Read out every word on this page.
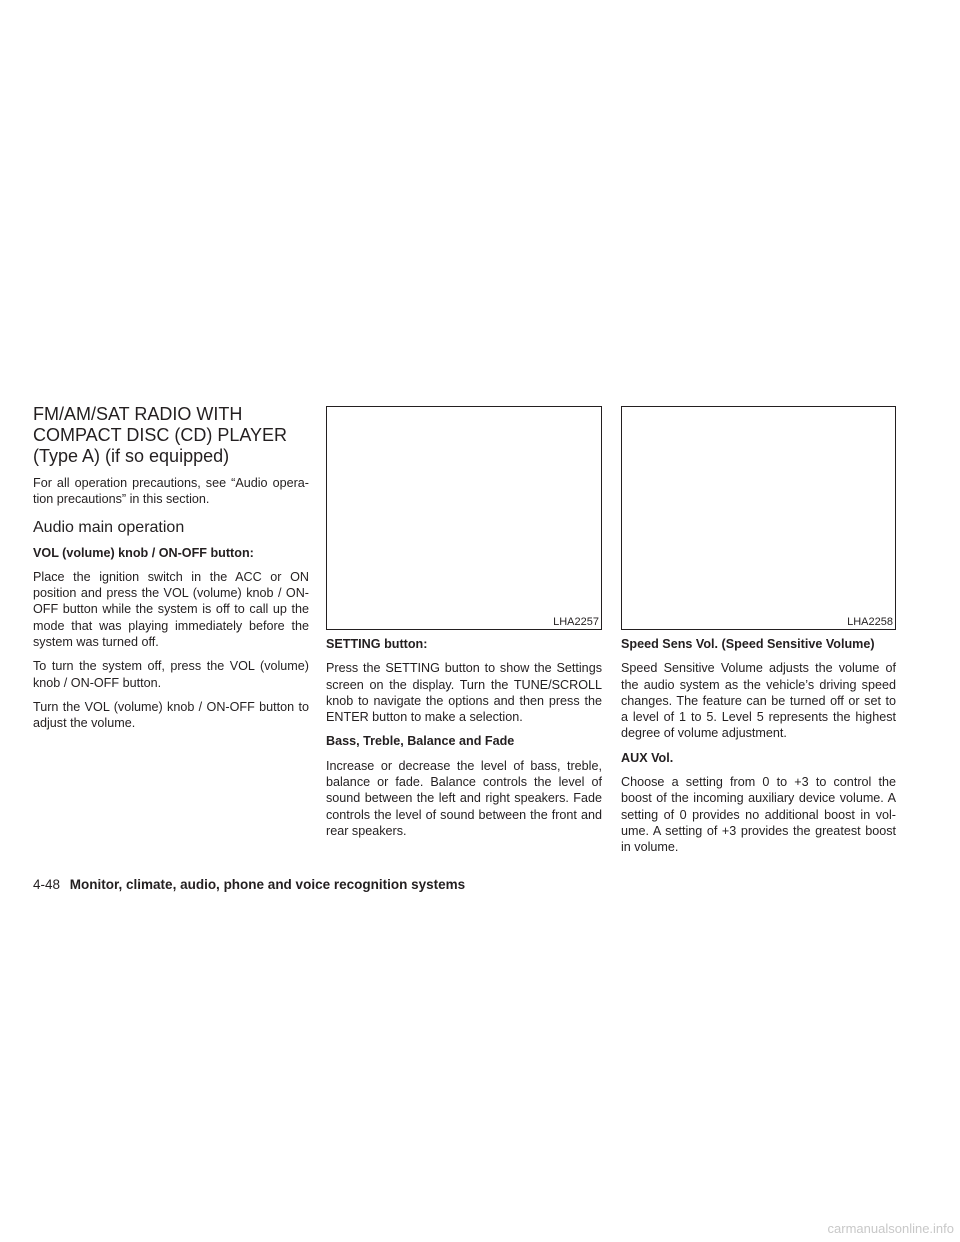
FM/AM/SAT RADIO WITH COMPACT DISC (CD) PLAYER (Type A) (if so equipped)

For all operation precautions, see “Audio opera-tion precautions” in this section.

Audio main operation

VOL (volume) knob / ON-OFF button:

Place the ignition switch in the ACC or ON position and press the VOL (volume) knob / ON-OFF button while the system is off to call up the mode that was playing immediately before the system was turned off.

To turn the system off, press the VOL (volume) knob / ON-OFF button.

Turn the VOL (volume) knob / ON-OFF button to adjust the volume.

LHA2257

SETTING button:

Press the SETTING button to show the Settings screen on the display. Turn the TUNE/SCROLL knob to navigate the options and then press the ENTER button to make a selection.

Bass, Treble, Balance and Fade

Increase or decrease the level of bass, treble, balance or fade. Balance controls the level of sound between the left and right speakers. Fade controls the level of sound between the front and rear speakers.

LHA2258

Speed Sens Vol. (Speed Sensitive Volume)

Speed Sensitive Volume adjusts the volume of the audio system as the vehicle’s driving speed changes. The feature can be turned off or set to a level of 1 to 5. Level 5 represents the highest degree of volume adjustment.

AUX Vol.

Choose a setting from 0 to +3 to control the boost of the incoming auxiliary device volume. A setting of 0 provides no additional boost in vol-ume. A setting of +3 provides the greatest boost in volume.

4-48 Monitor, climate, audio, phone and voice recognition systems
carmanualsonline.info
